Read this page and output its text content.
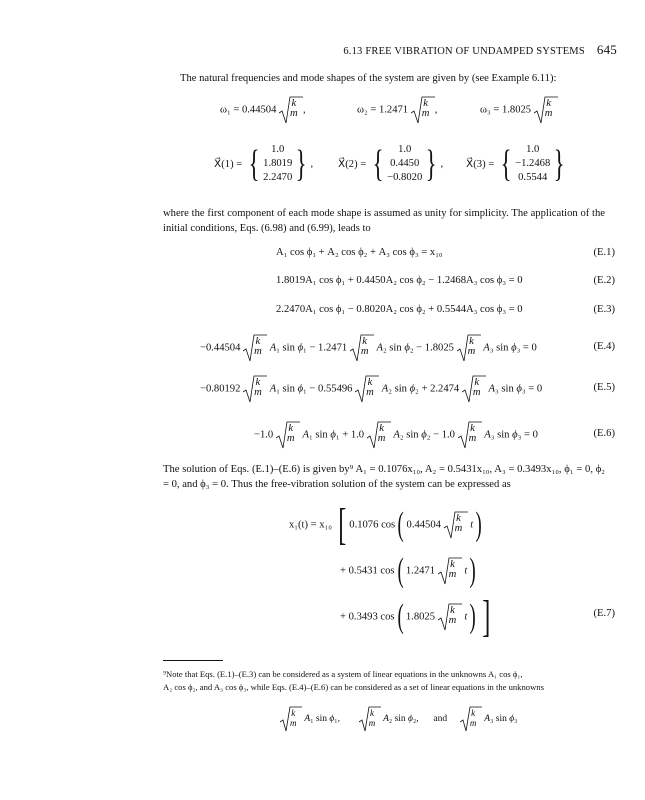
6.13 FREE VIBRATION OF UNDAMPED SYSTEMS 645
The natural frequencies and mode shapes of the system are given by (see Example 6.11):
ω₁ = 0.44504
k
m ,	ω₂ = 1.2471
k
m ,	ω₃ = 1.8025
k
m
X⃗(1) = {	1.0
1.8019
2.2470 } , X⃗(2) = {	1.0
0.4450
−0.8020 } , X⃗(3) = {	1.0
−1.2468
0.5544 }
where the first component of each mode shape is assumed as unity for simplicity. The application of the initial conditions, Eqs. (6.98) and (6.99), leads to
A₁ cos ϕ₁ + A₂ cos ϕ₂ + A₃ cos ϕ₃ = x₁₀	(E.1)
1.8019A₁ cos ϕ₁ + 0.4450A₂ cos ϕ₂ − 1.2468A₃ cos ϕ₃ = 0	(E.2)
2.2470A₁ cos ϕ₁ − 0.8020A₂ cos ϕ₂ + 0.5544A₃ cos ϕ₃ = 0	(E.3)
−0.44504
k
m A₁ sin ϕ₁ − 1.2471
k
m A₂ sin ϕ₂ − 1.8025
k
m A₃ sin ϕ₃ = 0	(E.4)
−0.80192
k
m A₁ sin ϕ₁ − 0.55496
k
m A₂ sin ϕ₂ + 2.2474
k
m A₃ sin ϕ₃ = 0	(E.5)
−1.0
k
m A₁ sin ϕ₁ + 1.0
k
m A₂ sin ϕ₂ − 1.0
k
m A₃ sin ϕ₃ = 0	(E.6)
The solution of Eqs. (E.1)–(E.6) is given by⁹ A₁ = 0.1076x₁₀, A₂ = 0.5431x₁₀, A₃ = 0.3493x₁₀, ϕ₁ = 0, ϕ₂ = 0, and ϕ₃ = 0. Thus the free-vibration solution of the system can be expressed as
x₁(t) = x₁₀ [ 0.1076 cos( 0.44504
k
m t)
+ 0.5431 cos( 1.2471
k
m t)
+ 0.3493 cos( 1.8025
k
m t) ]	(E.7)
⁹Note that Eqs. (E.1)–(E.3) can be considered as a system of linear equations in the unknowns A₁ cos ϕ₁,
A₂ cos ϕ₂, and A₃ cos ϕ₃, while Eqs. (E.4)–(E.6) can be considered as a set of linear equations in the unknowns
k
m A₁ sin ϕ₁,
k
m A₂ sin ϕ₂, and
k
m A₃ sin ϕ₃
